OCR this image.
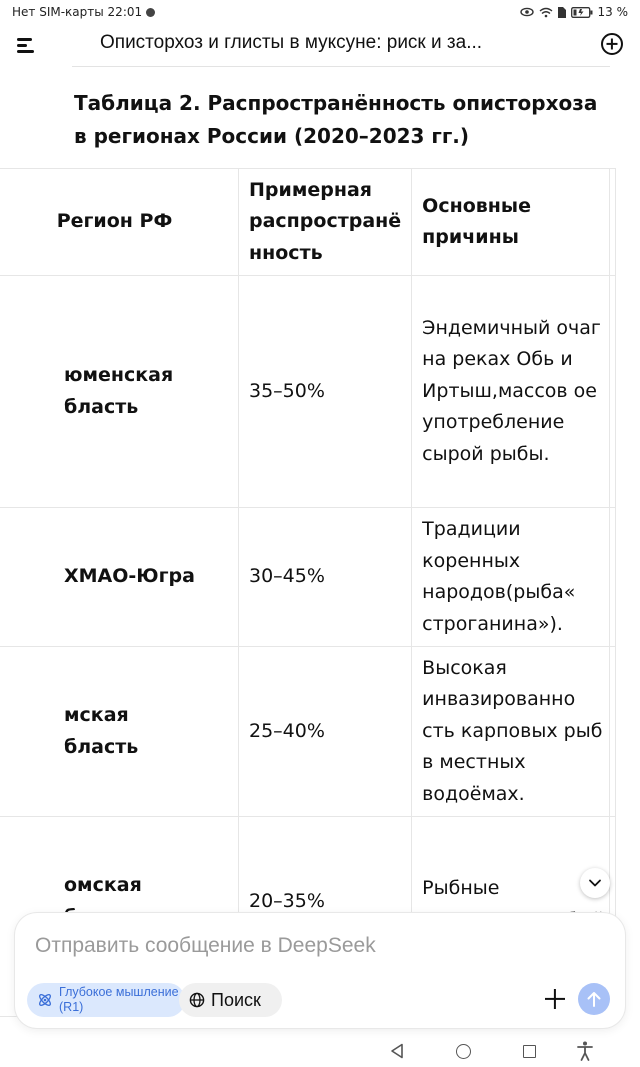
Нет SIM-карты 22:01	13 %
Описторхоз и глисты в муксуне: риск и за...
Таблица 2. Распространённость описторхоза в регионах России (2020–2023 гг.)
Регион РФ	Примерная распространё нность	Основные причины

юменская бласть	35–50%	Эндемичный очаг на реках Обь и Иртыш,массов ое употребление сырой рыбы.

ХМАО-Югра	30–45%	Традиции коренных народов(рыба« строганина»).

мская бласть	25–40%	Высокая инвазированно сть карповых рыб в местных водоёмах.

омская	20–35%	Рыбные
Отправить сообщение в DeepSeek
Глубокое мышление (R1)	Поиск
